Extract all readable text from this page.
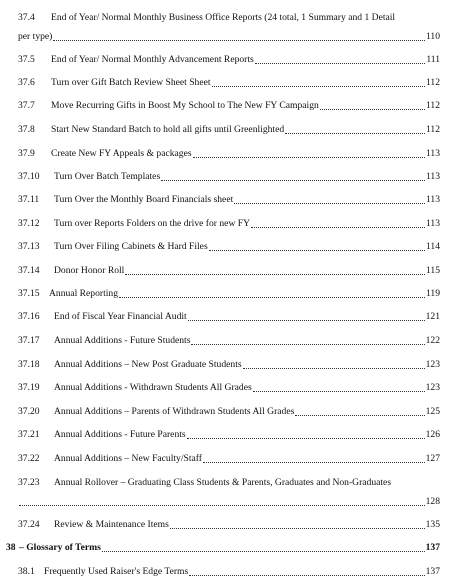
37.4	End of Year/ Normal Monthly Business Office Reports (24 total, 1 Summary and 1 Detail
per type)	110
37.5	End of Year/ Normal Monthly Advancement Reports	111
37.6	Turn over Gift Batch Review Sheet Sheet	112
37.7	Move Recurring Gifts in Boost My School to The New FY Campaign	112
37.8	Start New Standard Batch to hold all gifts until Greenlighted	112
37.9	Create New FY Appeals & packages	113
37.10	Turn Over Batch Templates	113
37.11	Turn Over the Monthly Board Financials sheet	113
37.12	Turn over Reports Folders on the drive for new FY	113
37.13	Turn Over Filing Cabinets & Hard Files	114
37.14	Donor Honor Roll	115
37.15 Annual Reporting	119
37.16	End of Fiscal Year Financial Audit	121
37.17	Annual Additions - Future Students	122
37.18	Annual Additions – New Post Graduate Students	123
37.19	Annual Additions - Withdrawn Students All Grades	123
37.20	Annual Additions – Parents of Withdrawn Students All Grades	125
37.21	Annual Additions - Future Parents	126
37.22	Annual Additions – New Faculty/Staff	127
37.23	Annual Rollover – Graduating Class Students & Parents, Graduates and Non-Graduates
128
37.24	Review & Maintenance Items	135
38 – Glossary of Terms	137
38.1 Frequently Used Raiser's Edge Terms	137
